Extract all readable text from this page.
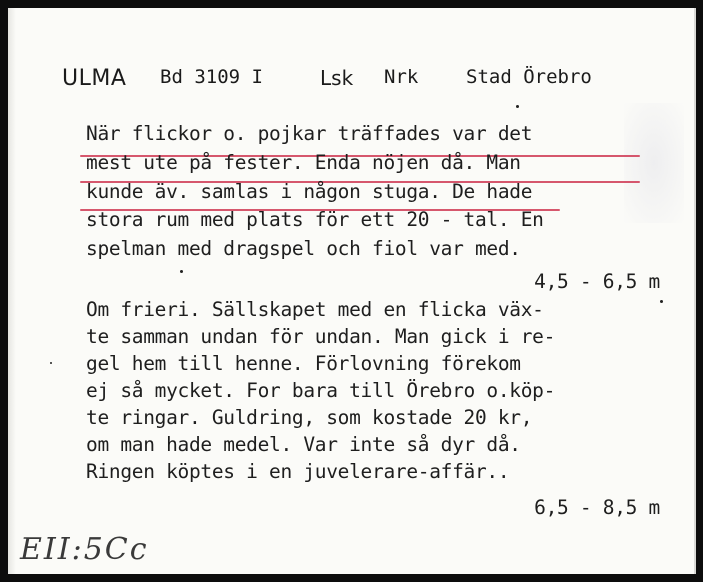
ULMA Bd 3109 I	Lsk Nrk	Stad Örebro
När flickor o. pojkar träffades var det
mest ute på fester. Enda nöjen då. Man
kunde äv. samlas i någon stuga. De hade
stora rum med plats för ett 20 - tal. En
spelman med dragspel och fiol var med.
4,5 - 6,5 m
Om frieri. Sällskapet med en flicka väx-
te samman undan för undan. Man gick i re-
gel hem till henne. Förlovning förekom
ej så mycket. For bara till Örebro o.köp-
te ringar. Guldring, som kostade 20 kr,
om man hade medel. Var inte så dyr då.
Ringen köptes i en juvelerare-affär..
6,5 - 8,5 m
EII:5Cc
